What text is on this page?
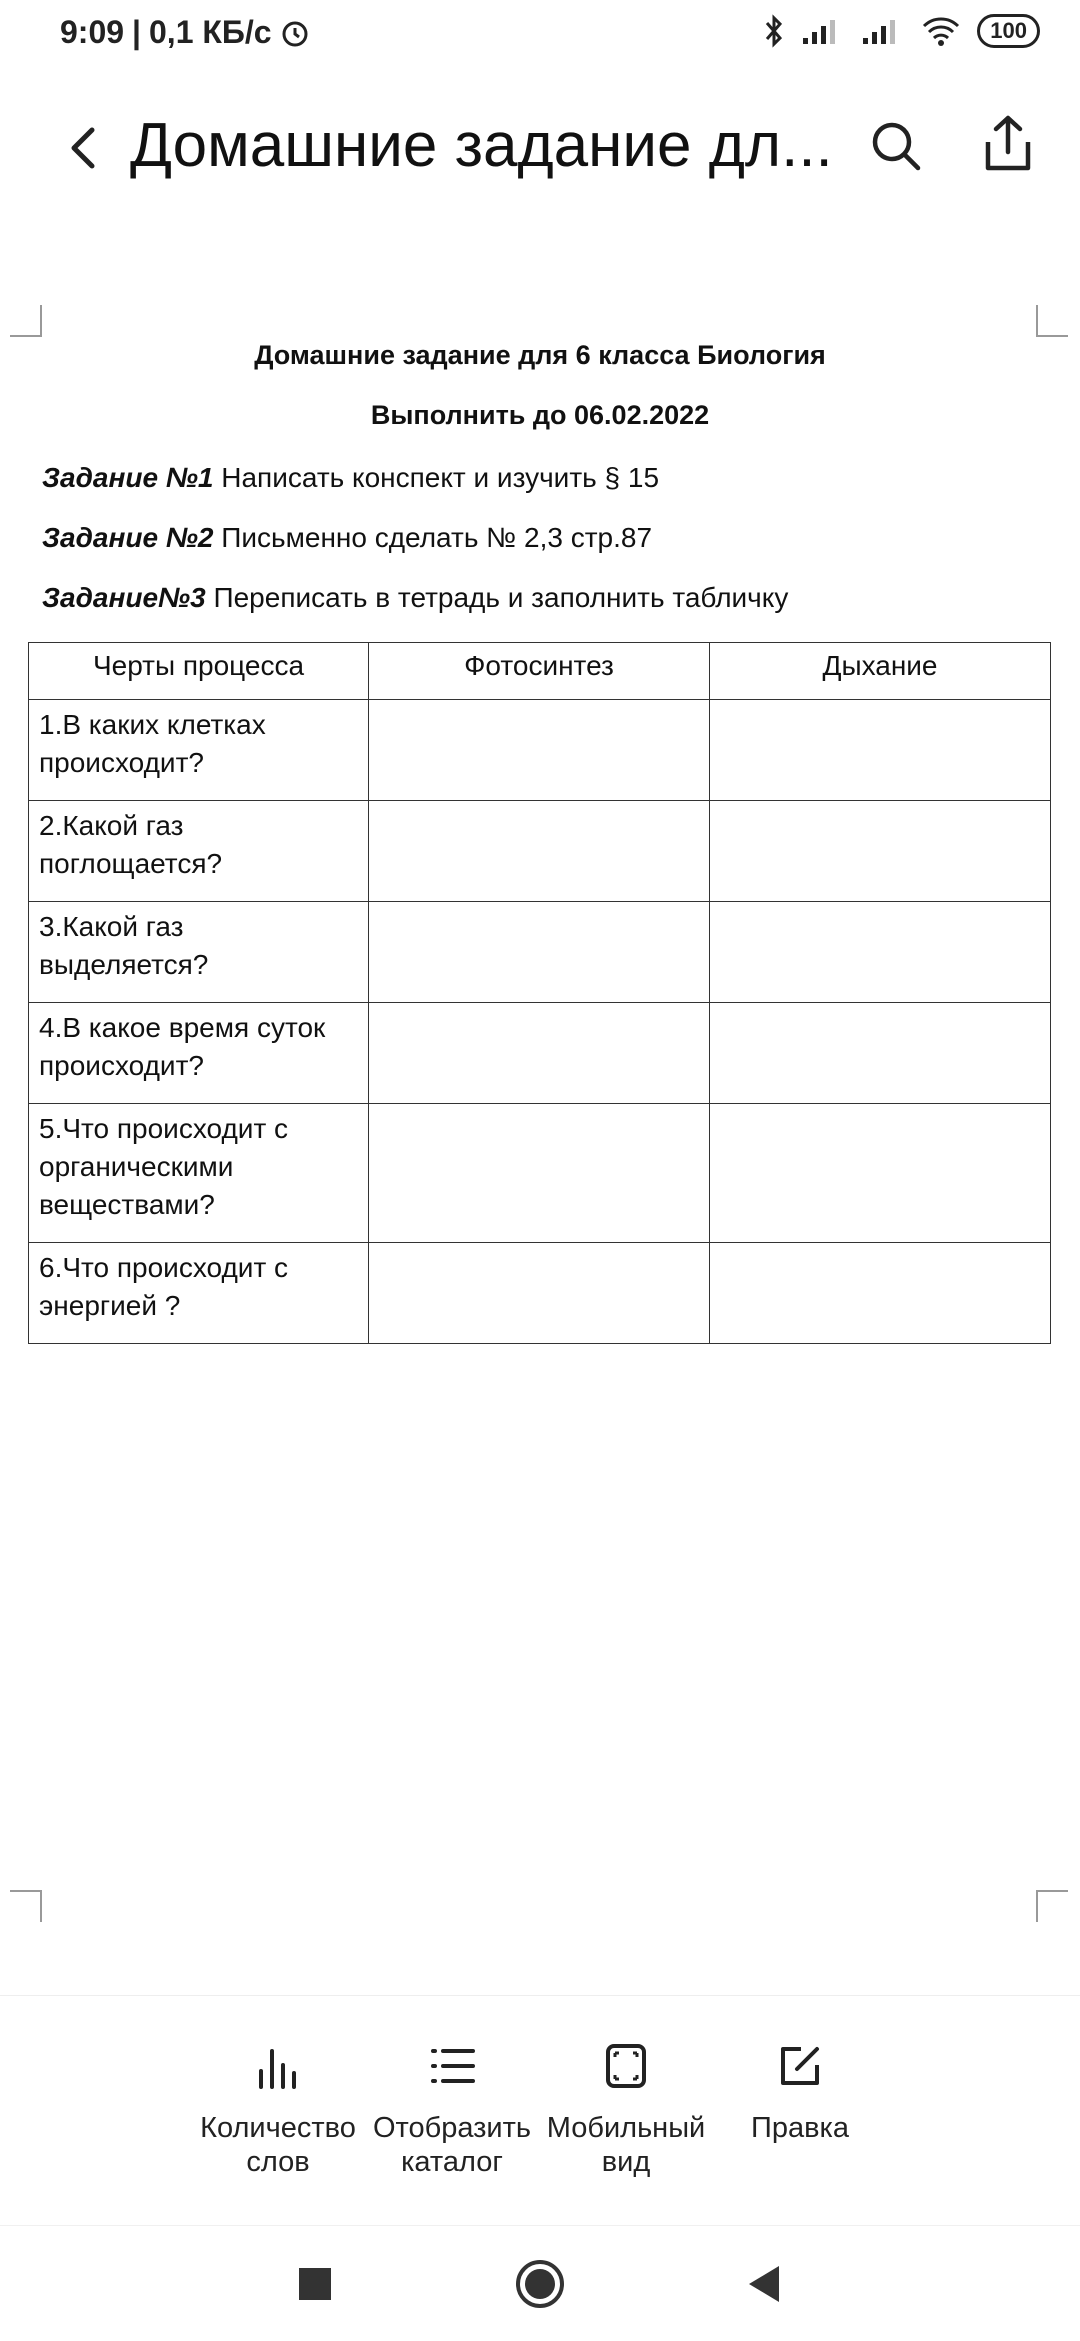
9:09 | 0,1 КБ/с	100
Домашние задание дл...
Домашние задание для 6 класса Биология
Выполнить до 06.02.2022
Задание №1 Написать конспект и изучить § 15
Задание №2 Письменно сделать № 2,3 стр.87
Задание№3 Переписать в тетрадь и заполнить табличку
Черты процесса	Фотосинтез	Дыхание
1.В каких клетках происходит?		
2.Какой газ поглощается?		
3.Какой газ выделяется?		
4.В какое время суток происходит?		
5.Что происходит с органическими веществами?		
6.Что происходит с энергией ?		
Количество слов
Отобразить каталог
Мобильный вид
Правка
